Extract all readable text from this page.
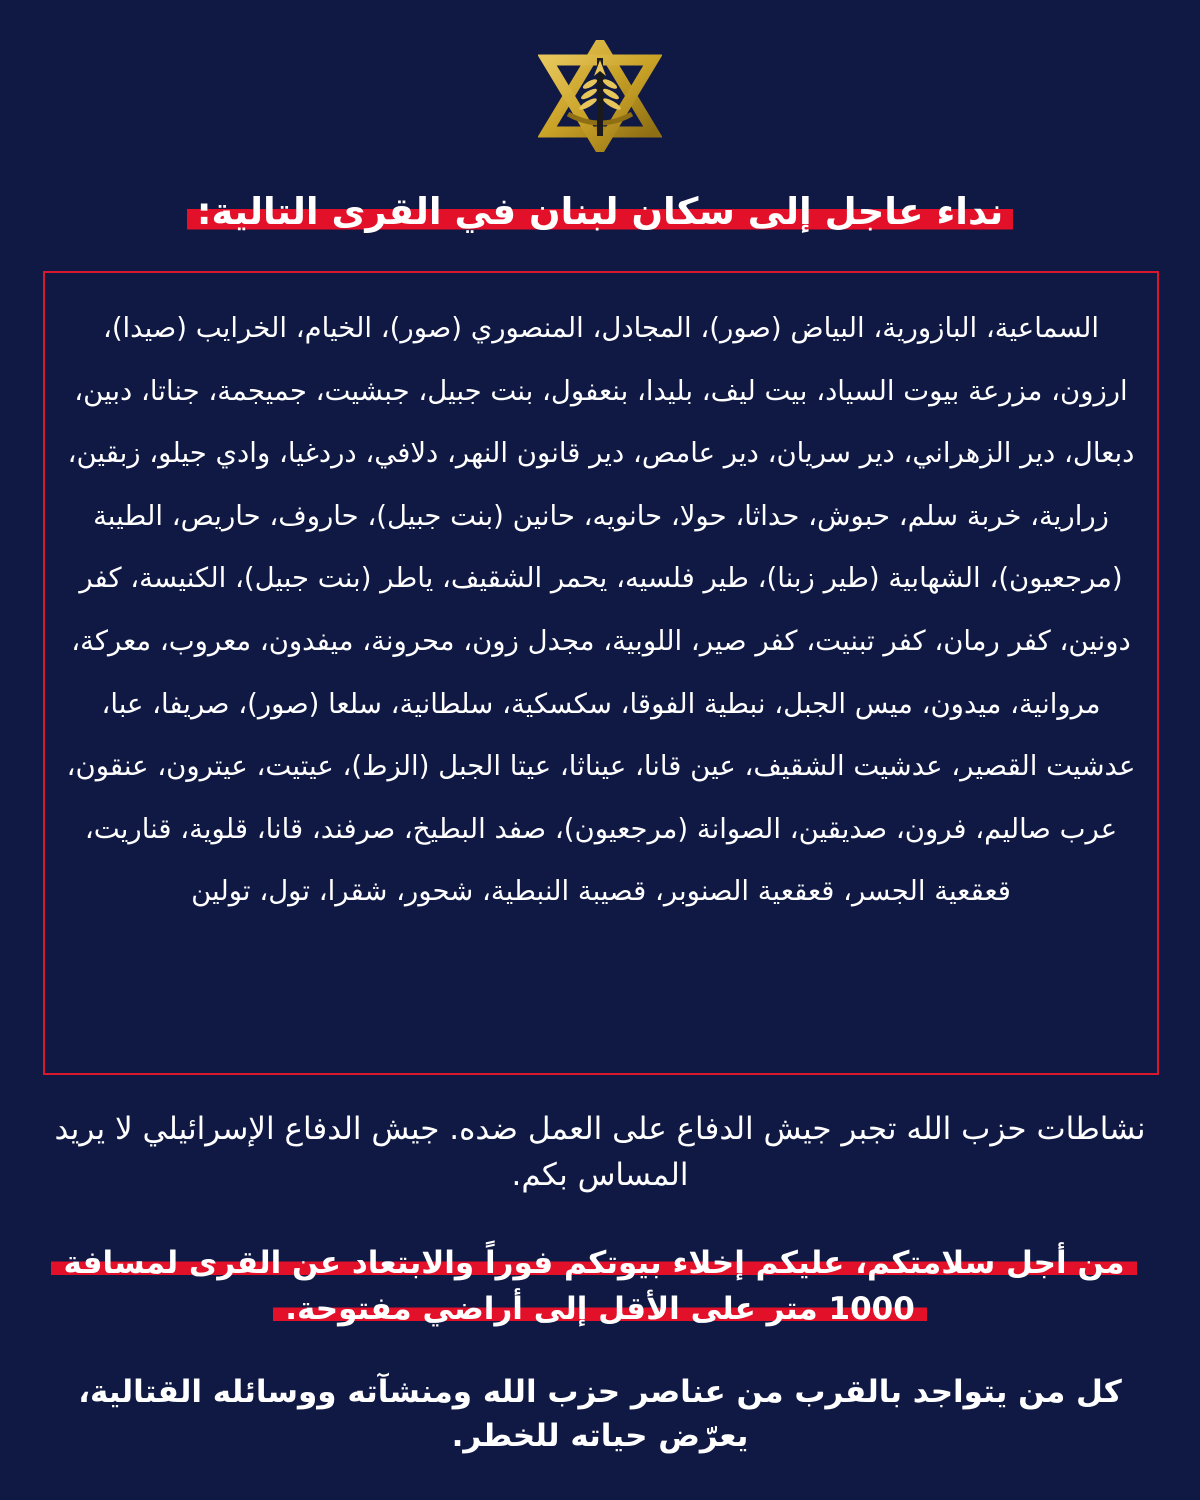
نداء عاجل إلى سكان لبنان في القرى التالية:
السماعية، البازورية، البياض (صور)، المجادل، المنصوري (صور)، الخيام، الخرايب (صيدا)، ارزون، مزرعة بيوت السياد، بيت ليف، بليدا، بنعفول، بنت جبيل، جبشيت، جميجمة، جناتا، دبين، دبعال، دير الزهراني، دير سريان، دير عامص، دير قانون النهر، دلافي، دردغيا، وادي جيلو، زبقين، زرارية، خربة سلم، حبوش، حداثا، حولا، حانويه، حانين (بنت جبيل)، حاروف، حاريص، الطيبة (مرجعيون)، الشهابية (طير زبنا)، طير فلسيه، يحمر الشقيف، ياطر (بنت جبيل)، الكنيسة، كفر دونين، كفر رمان، كفر تبنيت، كفر صير، اللوبية، مجدل زون، محرونة، ميفدون، معروب، معركة، مروانية، ميدون، ميس الجبل، نبطية الفوقا، سكسكية، سلطانية، سلعا (صور)، صريفا، عبا، عدشيت القصير، عدشيت الشقيف، عين قانا، عيناثا، عيتا الجبل (الزط)، عيتيت، عيترون، عنقون، عرب صاليم، فرون، صديقين، الصوانة (مرجعيون)، صفد البطيخ، صرفند، قانا، قلوية، قناريت، قعقعية الجسر، قعقعية الصنوبر، قصيبة النبطية، شحور، شقرا، تول، تولين
نشاطات حزب الله تجبر جيش الدفاع على العمل ضده. جيش الدفاع الإسرائيلي لا يريد المساس بكم.
من أجل سلامتكم، عليكم إخلاء بيوتكم فوراً والابتعاد عن القرى لمسافة 1000 متر على الأقل إلى أراضي مفتوحة.
كل من يتواجد بالقرب من عناصر حزب الله ومنشآته ووسائله القتالية، يعرّض حياته للخطر.
